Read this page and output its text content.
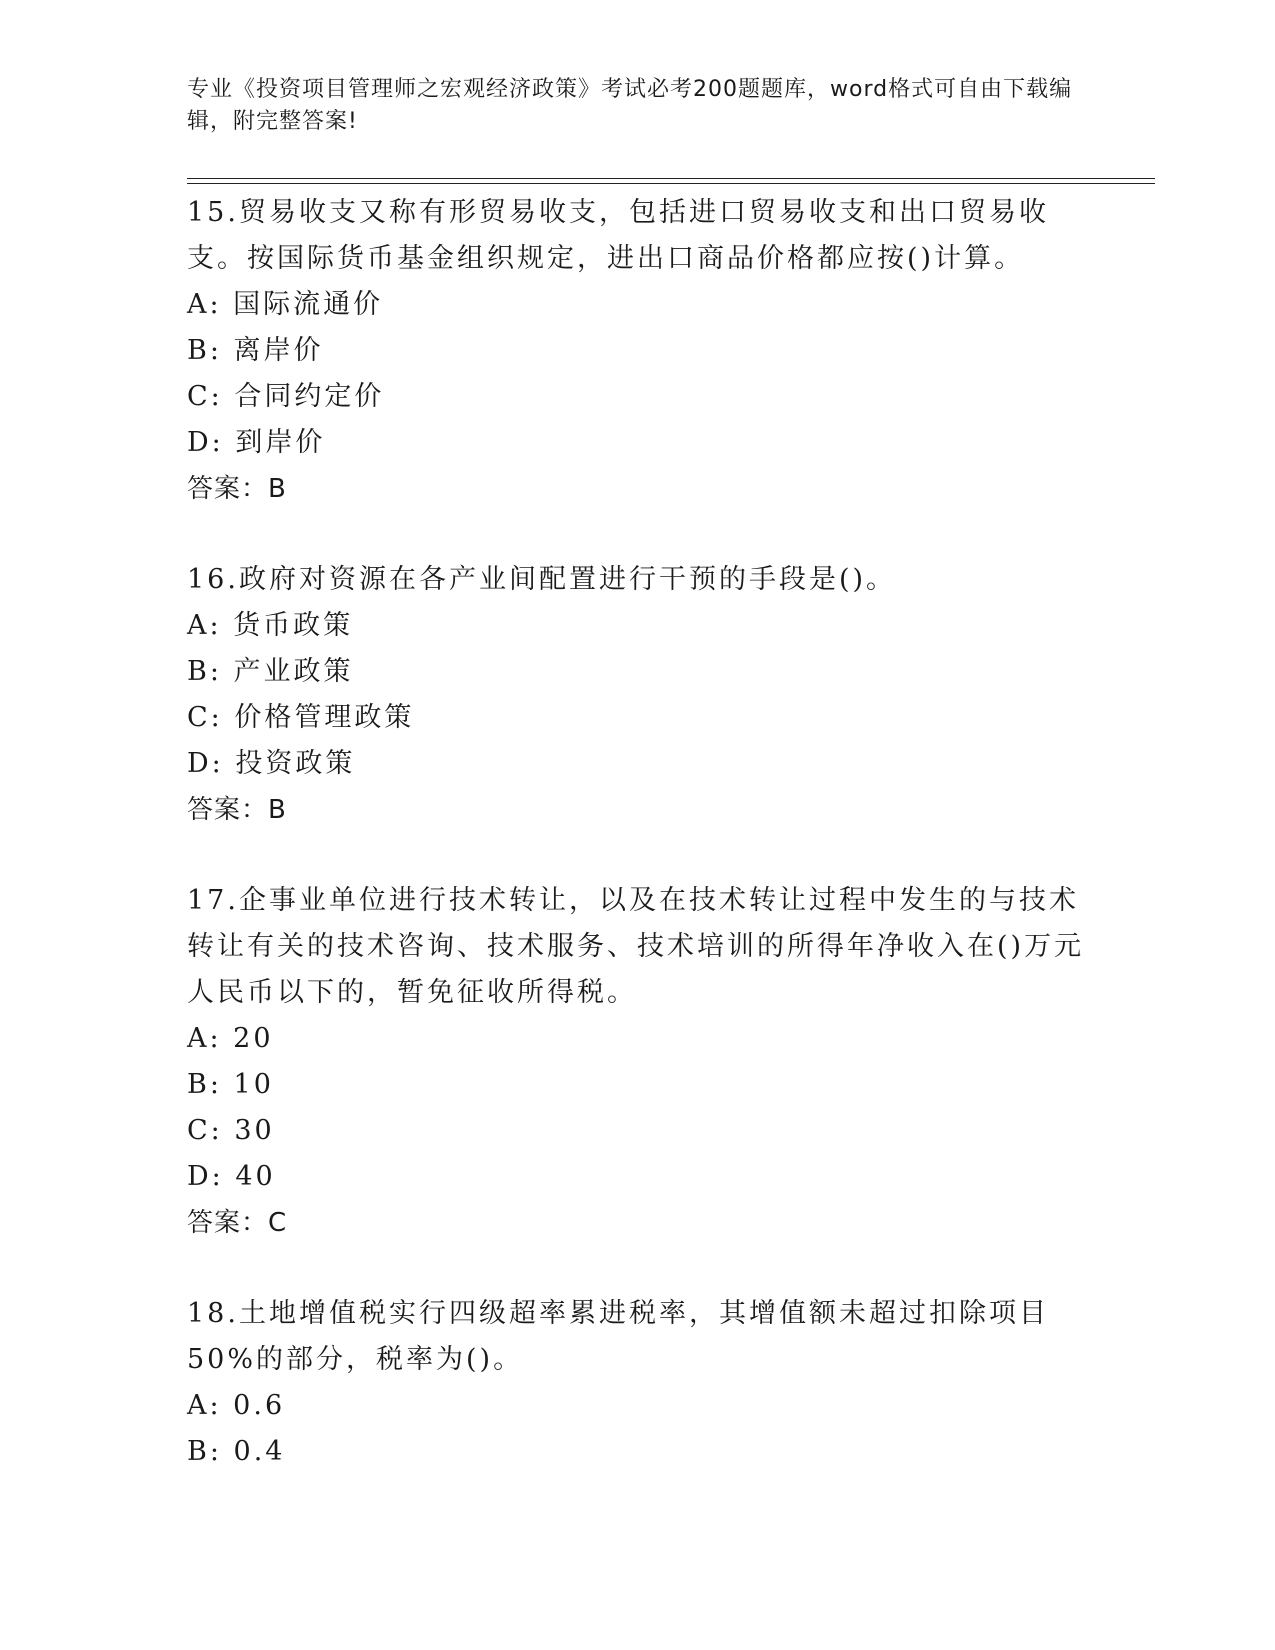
专业《投资项目管理师之宏观经济政策》考试必考200题题库，word格式可自由下载编辑，附完整答案!

15.贸易收支又称有形贸易收支，包括进口贸易收支和出口贸易收支。按国际货币基金组织规定，进出口商品价格都应按()计算。

A: 国际流通价

B: 离岸价

C: 合同约定价

D: 到岸价

答案：B

16.政府对资源在各产业间配置进行干预的手段是()。

A: 货币政策

B: 产业政策

C: 价格管理政策

D: 投资政策

答案：B

17.企事业单位进行技术转让，以及在技术转让过程中发生的与技术转让有关的技术咨询、技术服务、技术培训的所得年净收入在()万元人民币以下的，暂免征收所得税。

A: 20

B: 10

C: 30

D: 40

答案：C

18.土地增值税实行四级超率累进税率，其增值额未超过扣除项目50%的部分，税率为()。

A: 0.6

B: 0.4
